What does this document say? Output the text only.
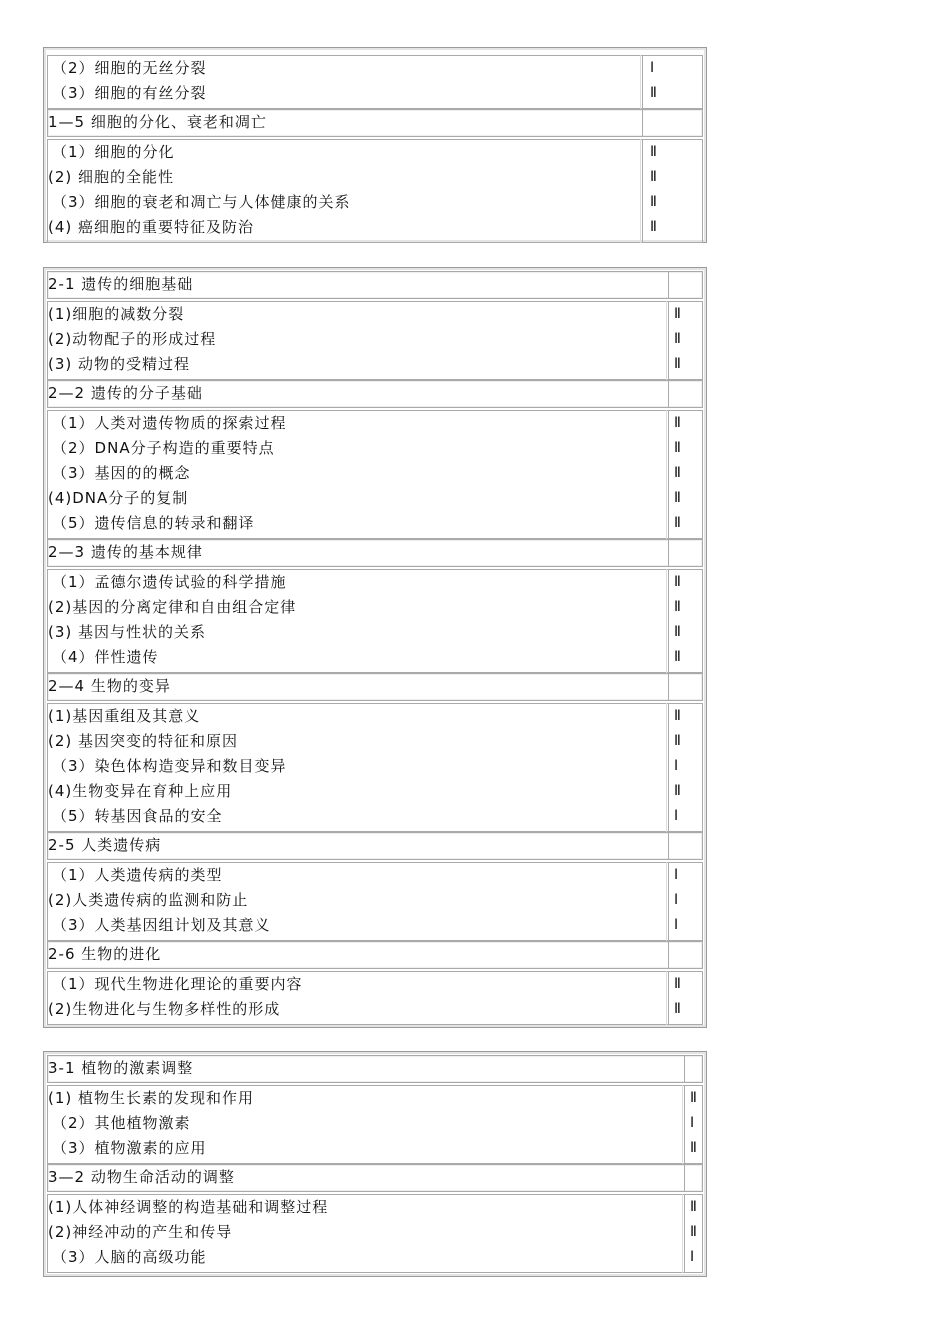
（2）细胞的无丝分裂	Ⅰ
（3）细胞的有丝分裂	Ⅱ
1—5 细胞的分化、衰老和凋亡
（1）细胞的分化	Ⅱ
(2) 细胞的全能性	Ⅱ
（3）细胞的衰老和凋亡与人体健康的关系	Ⅱ
(4) 癌细胞的重要特征及防治	Ⅱ
2-1 遗传的细胞基础
(1)细胞的减数分裂	Ⅱ
(2)动物配子的形成过程	Ⅱ
(3) 动物的受精过程	Ⅱ
2—2 遗传的分子基础
（1）人类对遗传物质的探索过程	Ⅱ
（2）DNA分子构造的重要特点	Ⅱ
（3）基因的的概念	Ⅱ
(4)DNA分子的复制	Ⅱ
（5）遗传信息的转录和翻译	Ⅱ
2—3 遗传的基本规律
（1）孟德尔遗传试验的科学措施	Ⅱ
(2)基因的分离定律和自由组合定律	Ⅱ
(3) 基因与性状的关系	Ⅱ
（4）伴性遗传	Ⅱ
2—4 生物的变异
(1)基因重组及其意义	Ⅱ
(2) 基因突变的特征和原因	Ⅱ
（3）染色体构造变异和数目变异	Ⅰ
(4)生物变异在育种上应用	Ⅱ
（5）转基因食品的安全	Ⅰ
2-5 人类遗传病
（1）人类遗传病的类型	Ⅰ
(2)人类遗传病的监测和防止	Ⅰ
（3）人类基因组计划及其意义	Ⅰ
2-6 生物的进化
（1）现代生物进化理论的重要内容	Ⅱ
(2)生物进化与生物多样性的形成	Ⅱ
3-1 植物的激素调整
(1) 植物生长素的发现和作用	Ⅱ
（2）其他植物激素	Ⅰ
（3）植物激素的应用	Ⅱ
3—2 动物生命活动的调整
(1)人体神经调整的构造基础和调整过程	Ⅱ
(2)神经冲动的产生和传导	Ⅱ
（3）人脑的高级功能	Ⅰ
